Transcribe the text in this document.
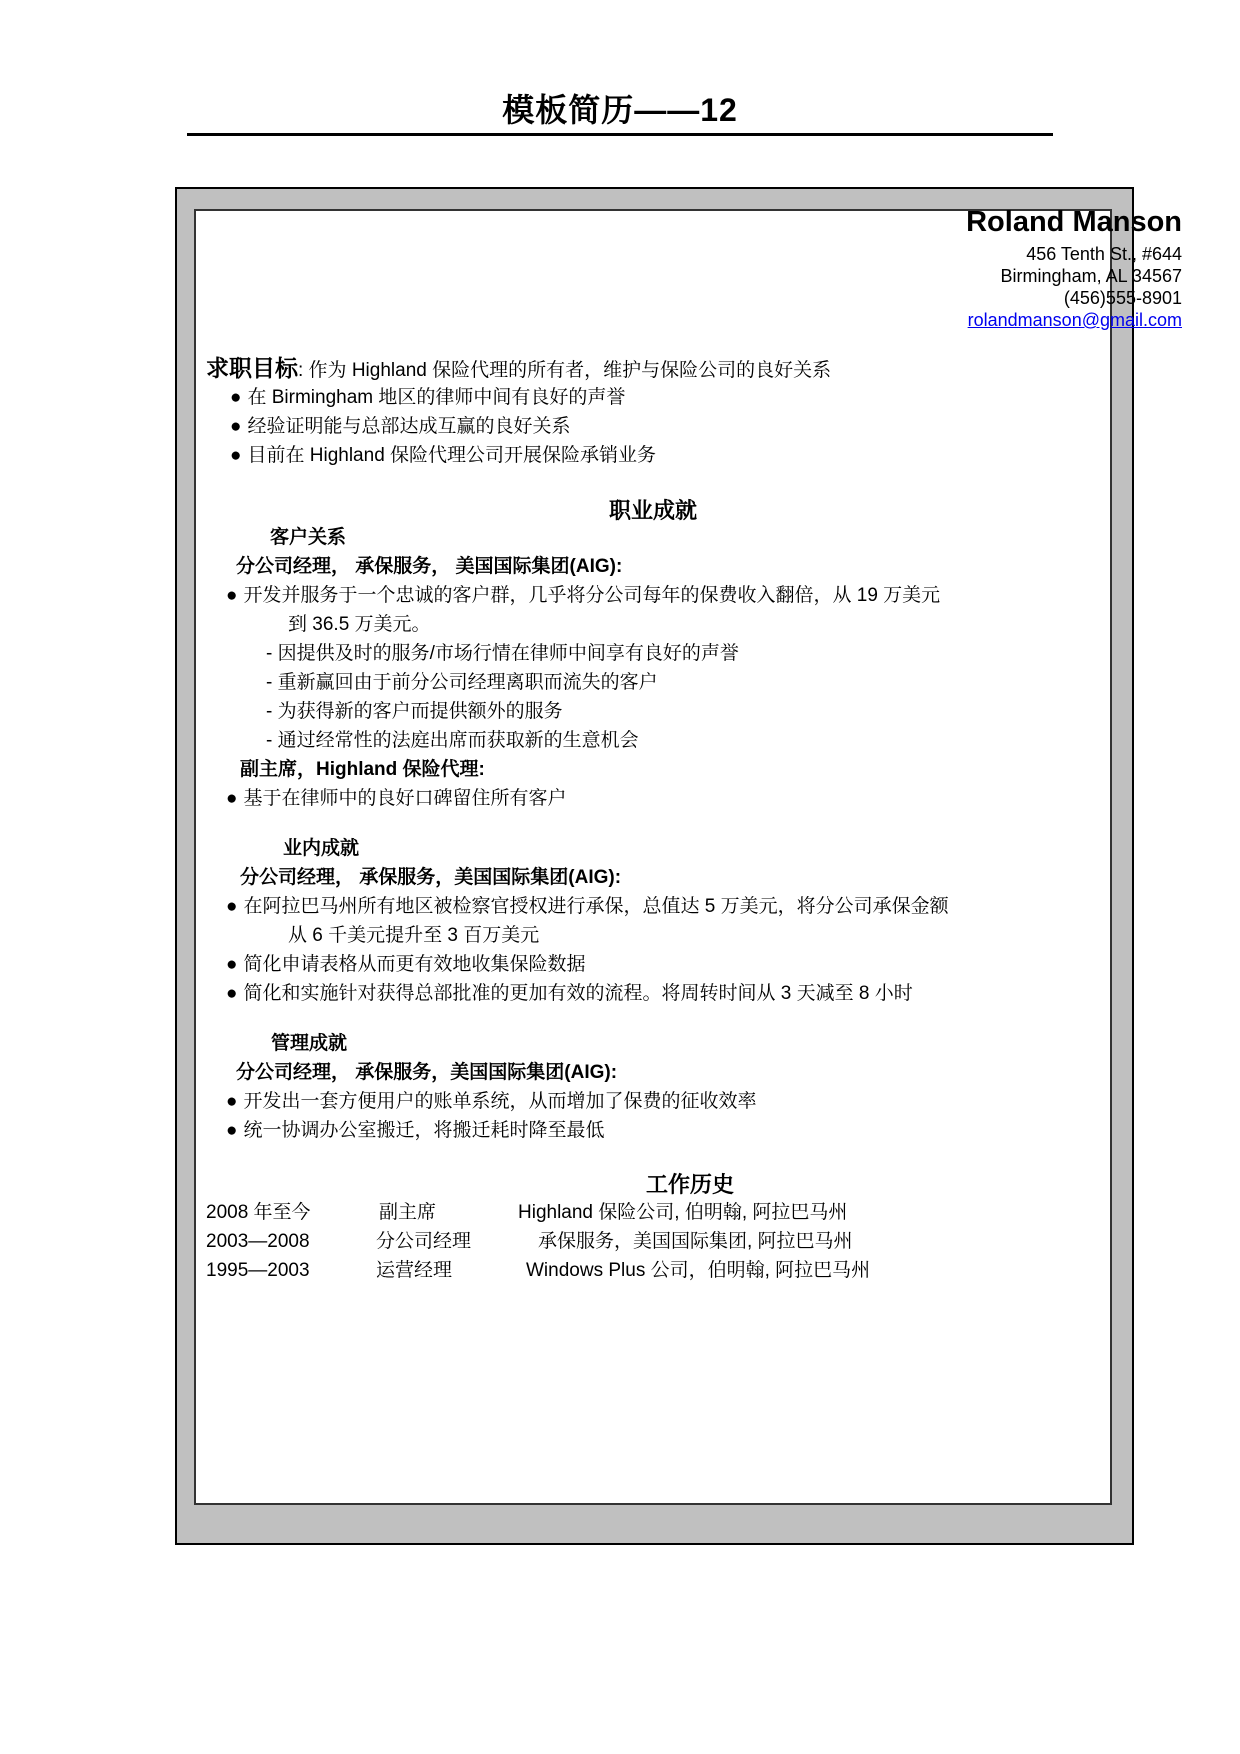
模板简历——12
Roland Manson
456 Tenth St., #644
Birmingham, AL 34567
(456)555-8901
rolandmanson@gmail.com
求职目标: 作为 Highland 保险代理的所有者，维护与保险公司的良好关系
● 在 Birmingham 地区的律师中间有良好的声誉
● 经验证明能与总部达成互赢的良好关系
● 目前在 Highland 保险代理公司开展保险承销业务
职业成就
客户关系
分公司经理， 承保服务， 美国国际集团(AIG):
● 开发并服务于一个忠诚的客户群，几乎将分公司每年的保费收入翻倍，从 19 万美元
到 36.5 万美元。
- 因提供及时的服务/市场行情在律师中间享有良好的声誉
- 重新赢回由于前分公司经理离职而流失的客户
- 为获得新的客户而提供额外的服务
- 通过经常性的法庭出席而获取新的生意机会
副主席，Highland 保险代理:
● 基于在律师中的良好口碑留住所有客户
业内成就
分公司经理， 承保服务，美国国际集团(AIG):
● 在阿拉巴马州所有地区被检察官授权进行承保，总值达 5 万美元，将分公司承保金额
从 6 千美元提升至 3 百万美元
● 简化申请表格从而更有效地收集保险数据
● 简化和实施针对获得总部批准的更加有效的流程。将周转时间从 3 天减至 8 小时
管理成就
分公司经理， 承保服务，美国国际集团(AIG):
● 开发出一套方便用户的账单系统，从而增加了保费的征收效率
● 统一协调办公室搬迁，将搬迁耗时降至最低
工作历史
2008 年至今	副主席	Highland 保险公司, 伯明翰, 阿拉巴马州
2003—2008	分公司经理	承保服务，美国国际集团, 阿拉巴马州
1995—2003	运营经理	Windows Plus 公司，伯明翰, 阿拉巴马州
